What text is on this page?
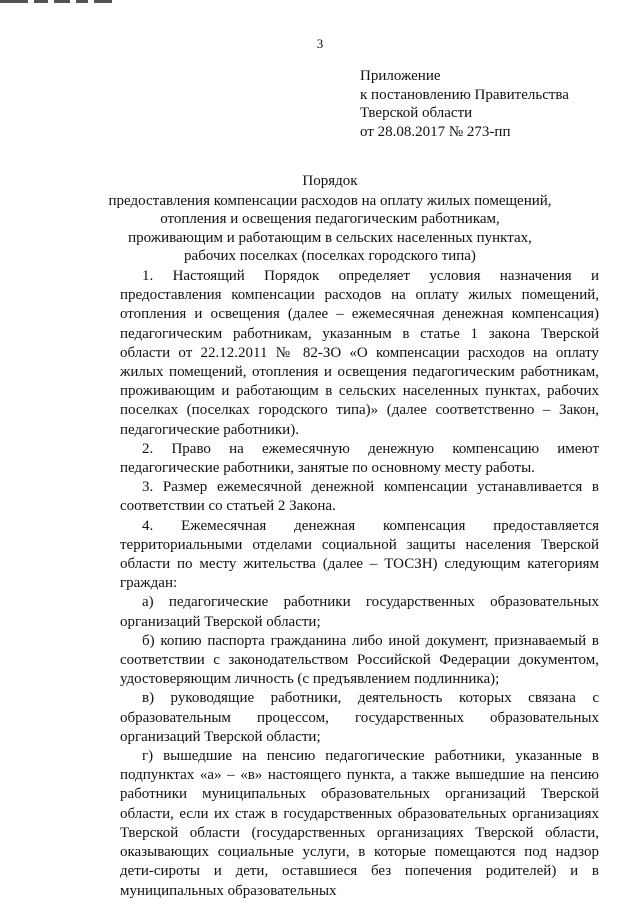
3
Приложение
к постановлению Правительства
Тверской области
от 28.08.2017 № 273-пп
Порядок
предоставления компенсации расходов на оплату жилых помещений,
отопления и освещения педагогическим работникам,
проживающим и работающим в сельских населенных пунктах,
рабочих поселках (поселках городского типа)

1. Настоящий Порядок определяет условия назначения и предоставления компенсации расходов на оплату жилых помещений, отопления и освещения (далее – ежемесячная денежная компенсация) педагогическим работникам, указанным в статье 1 закона Тверской области от 22.12.2011 № 82-ЗО «О компенсации расходов на оплату жилых помещений, отопления и освещения педагогическим работникам, проживающим и работающим в сельских населенных пунктах, рабочих поселках (поселках городского типа)» (далее соответственно – Закон, педагогические работники).

2. Право на ежемесячную денежную компенсацию имеют педагогические работники, занятые по основному месту работы.

3. Размер ежемесячной денежной компенсации устанавливается в соответствии со статьей 2 Закона.

4. Ежемесячная денежная компенсация предоставляется территориальными отделами социальной защиты населения Тверской области по месту жительства (далее – ТОСЗН) следующим категориям граждан:

а) педагогические работники государственных образовательных организаций Тверской области;

б) копию паспорта гражданина либо иной документ, признаваемый в соответствии с законодательством Российской Федерации документом, удостоверяющим личность (с предъявлением подлинника);

в) руководящие работники, деятельность которых связана с образовательным процессом, государственных образовательных организаций Тверской области;

г) вышедшие на пенсию педагогические работники, указанные в подпунктах «а» – «в» настоящего пункта, а также вышедшие на пенсию работники муниципальных образовательных организаций Тверской области, если их стаж в государственных образовательных организациях Тверской области (государственных организациях Тверской области, оказывающих социальные услуги, в которые помещаются под надзор дети-сироты и дети, оставшиеся без попечения родителей) и в муниципальных образовательных
